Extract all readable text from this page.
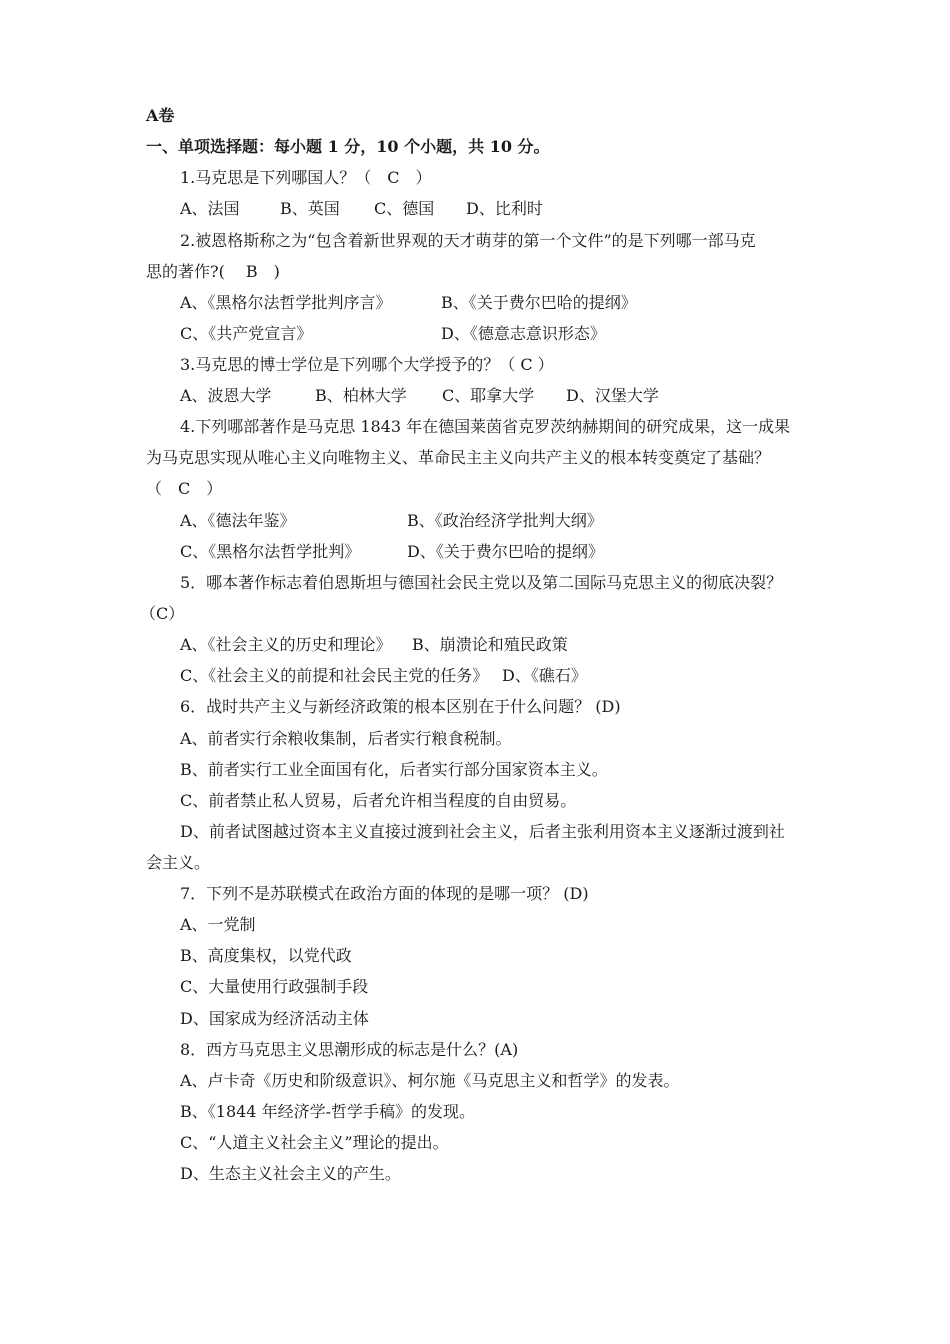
A卷
一、单项选择题：每小题 1 分，10 个小题，共 10 分。
1.马克思是下列哪国人？（　C　）
A、法国	B、英国 C、德国 D、比利时
2.被恩格斯称之为“包含着新世界观的天才萌芽的第一个文件”的是下列哪一部马克
思的著作?(　 B　)
A、《黑格尔法哲学批判序言》	B、《关于费尔巴哈的提纲》
C、《共产党宣言》	D、《德意志意识形态》
3.马克思的博士学位是下列哪个大学授予的？（ C ）
A、波恩大学	B、柏林大学 C、耶拿大学 D、汉堡大学
4.下列哪部著作是马克思 1843 年在德国莱茵省克罗茨纳赫期间的研究成果，这一成果
为马克思实现从唯心主义向唯物主义、革命民主主义向共产主义的根本转变奠定了基础？
（　C　）
A、《德法年鉴》	B、《政治经济学批判大纲》
C、《黑格尔法哲学批判》	D、《关于费尔巴哈的提纲》
5．哪本著作标志着伯恩斯坦与德国社会民主党以及第二国际马克思主义的彻底决裂？
（C）
A、《社会主义的历史和理论》 B、崩溃论和殖民政策
C、《社会主义的前提和社会民主党的任务》 D、《礁石》
6．战时共产主义与新经济政策的根本区别在于什么问题？ (D)
A、前者实行余粮收集制，后者实行粮食税制。
B、前者实行工业全面国有化，后者实行部分国家资本主义。
C、前者禁止私人贸易，后者允许相当程度的自由贸易。
D、前者试图越过资本主义直接过渡到社会主义，后者主张利用资本主义逐渐过渡到社
会主义。
7．下列不是苏联模式在政治方面的体现的是哪一项？ (D)
A、一党制
B、高度集权，以党代政
C、大量使用行政强制手段
D、国家成为经济活动主体
8．西方马克思主义思潮形成的标志是什么？(A)
A、卢卡奇《历史和阶级意识》、柯尔施《马克思主义和哲学》的发表。
B、《1844 年经济学-哲学手稿》的发现。
C、“人道主义社会主义”理论的提出。
D、生态主义社会主义的产生。
